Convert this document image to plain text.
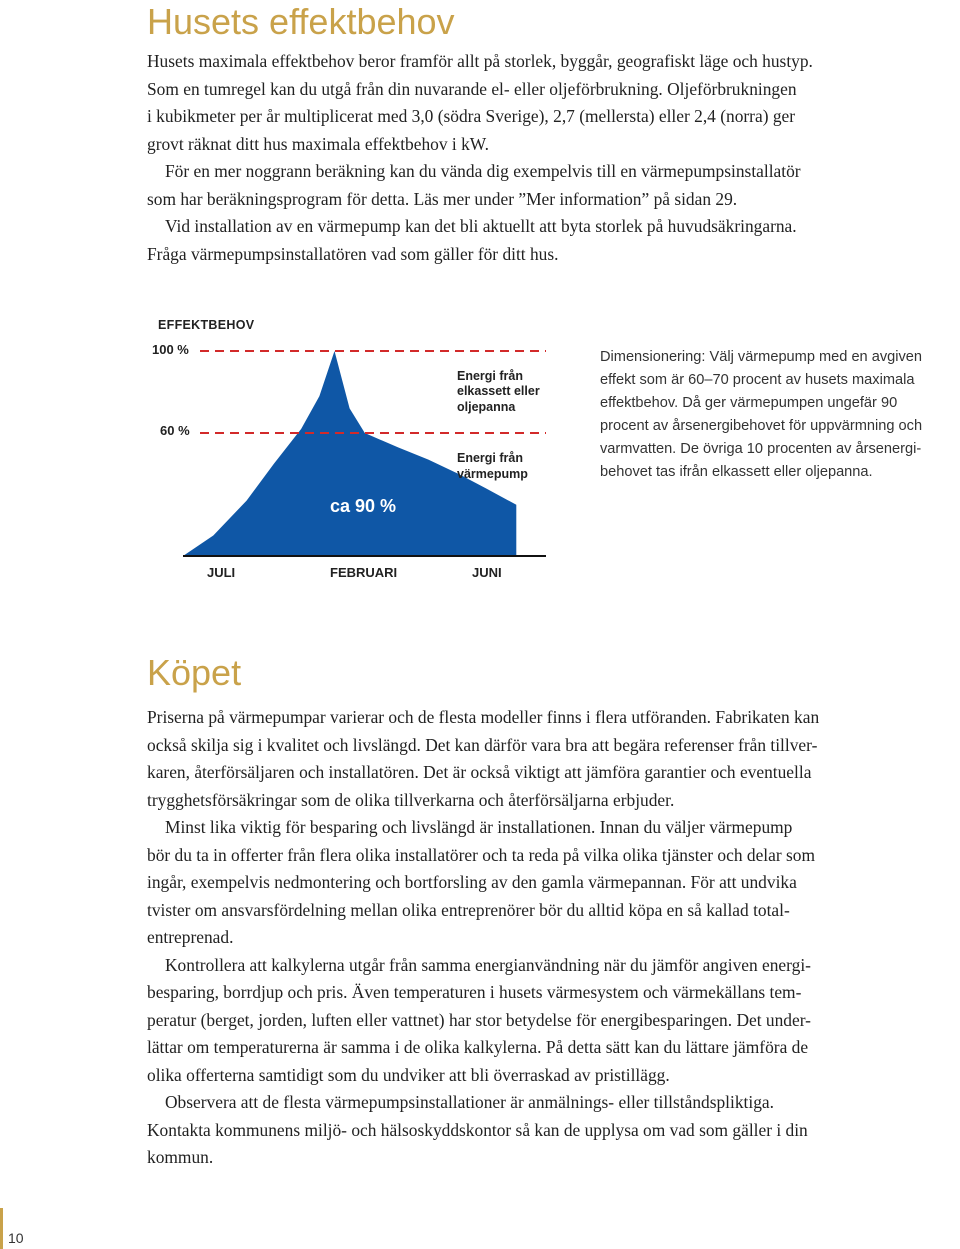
Husets effektbehov

Husets maximala effektbehov beror framför allt på storlek, byggår, geografiskt läge och hustyp.
Som en tumregel kan du utgå från din nuvarande el- eller oljeförbrukning. Oljeförbrukningen
i kubikmeter per år multiplicerat med 3,0 (södra Sverige), 2,7 (mellersta) eller 2,4 (norra) ger
grovt räknat ditt hus maximala effektbehov i kW.

För en mer noggrann beräkning kan du vända dig exempelvis till en värmepumpsinstallatör
som har beräkningsprogram för detta. Läs mer under ”Mer information” på sidan 29.

Vid installation av en värmepump kan det bli aktuellt att byta storlek på huvudsäkringarna.
Fråga värmepumpsinstallatören vad som gäller för ditt hus.

EFFEKTBEHOV
100 %
60 %
ca 90 %
Energi från
elkassett eller
oljepanna
Energi från
värmepump
JULI	FEBRUARI	JUNI
Dimensionering: Välj värmepump med en avgiven
effekt som är 60–70 procent av husets maximala
effektbehov. Då ger värmepumpen ungefär 90
procent av årsenergibehovet för uppvärmning och
varmvatten. De övriga 10 procenten av årsenergi-
behovet tas ifrån elkassett eller oljepanna.
Köpet

Priserna på värmepumpar varierar och de flesta modeller finns i flera utföranden. Fabrikaten kan
också skilja sig i kvalitet och livslängd. Det kan därför vara bra att begära referenser från tillver-
karen, återförsäljaren och installatören. Det är också viktigt att jämföra garantier och eventuella
trygghetsförsäkringar som de olika tillverkarna och återförsäljarna erbjuder.

Minst lika viktig för besparing och livslängd är installationen. Innan du väljer värmepump
bör du ta in offerter från flera olika installatörer och ta reda på vilka olika tjänster och delar som
ingår, exempelvis nedmontering och bortforsling av den gamla värmepannan. För att undvika
tvister om ansvarsfördelning mellan olika entreprenörer bör du alltid köpa en så kallad total-
entreprenad.

Kontrollera att kalkylerna utgår från samma energianvändning när du jämför angiven energi-
besparing, borrdjup och pris. Även temperaturen i husets värmesystem och värmekällans tem-
peratur (berget, jorden, luften eller vattnet) har stor betydelse för energibesparingen. Det under-
lättar om temperaturerna är samma i de olika kalkylerna. På detta sätt kan du lättare jämföra de
olika offerterna samtidigt som du undviker att bli överraskad av pristillägg.

Observera att de flesta värmepumpsinstallationer är anmälnings- eller tillståndspliktiga.
Kontakta kommunens miljö- och hälsoskyddskontor så kan de upplysa om vad som gäller i din
kommun.

10
